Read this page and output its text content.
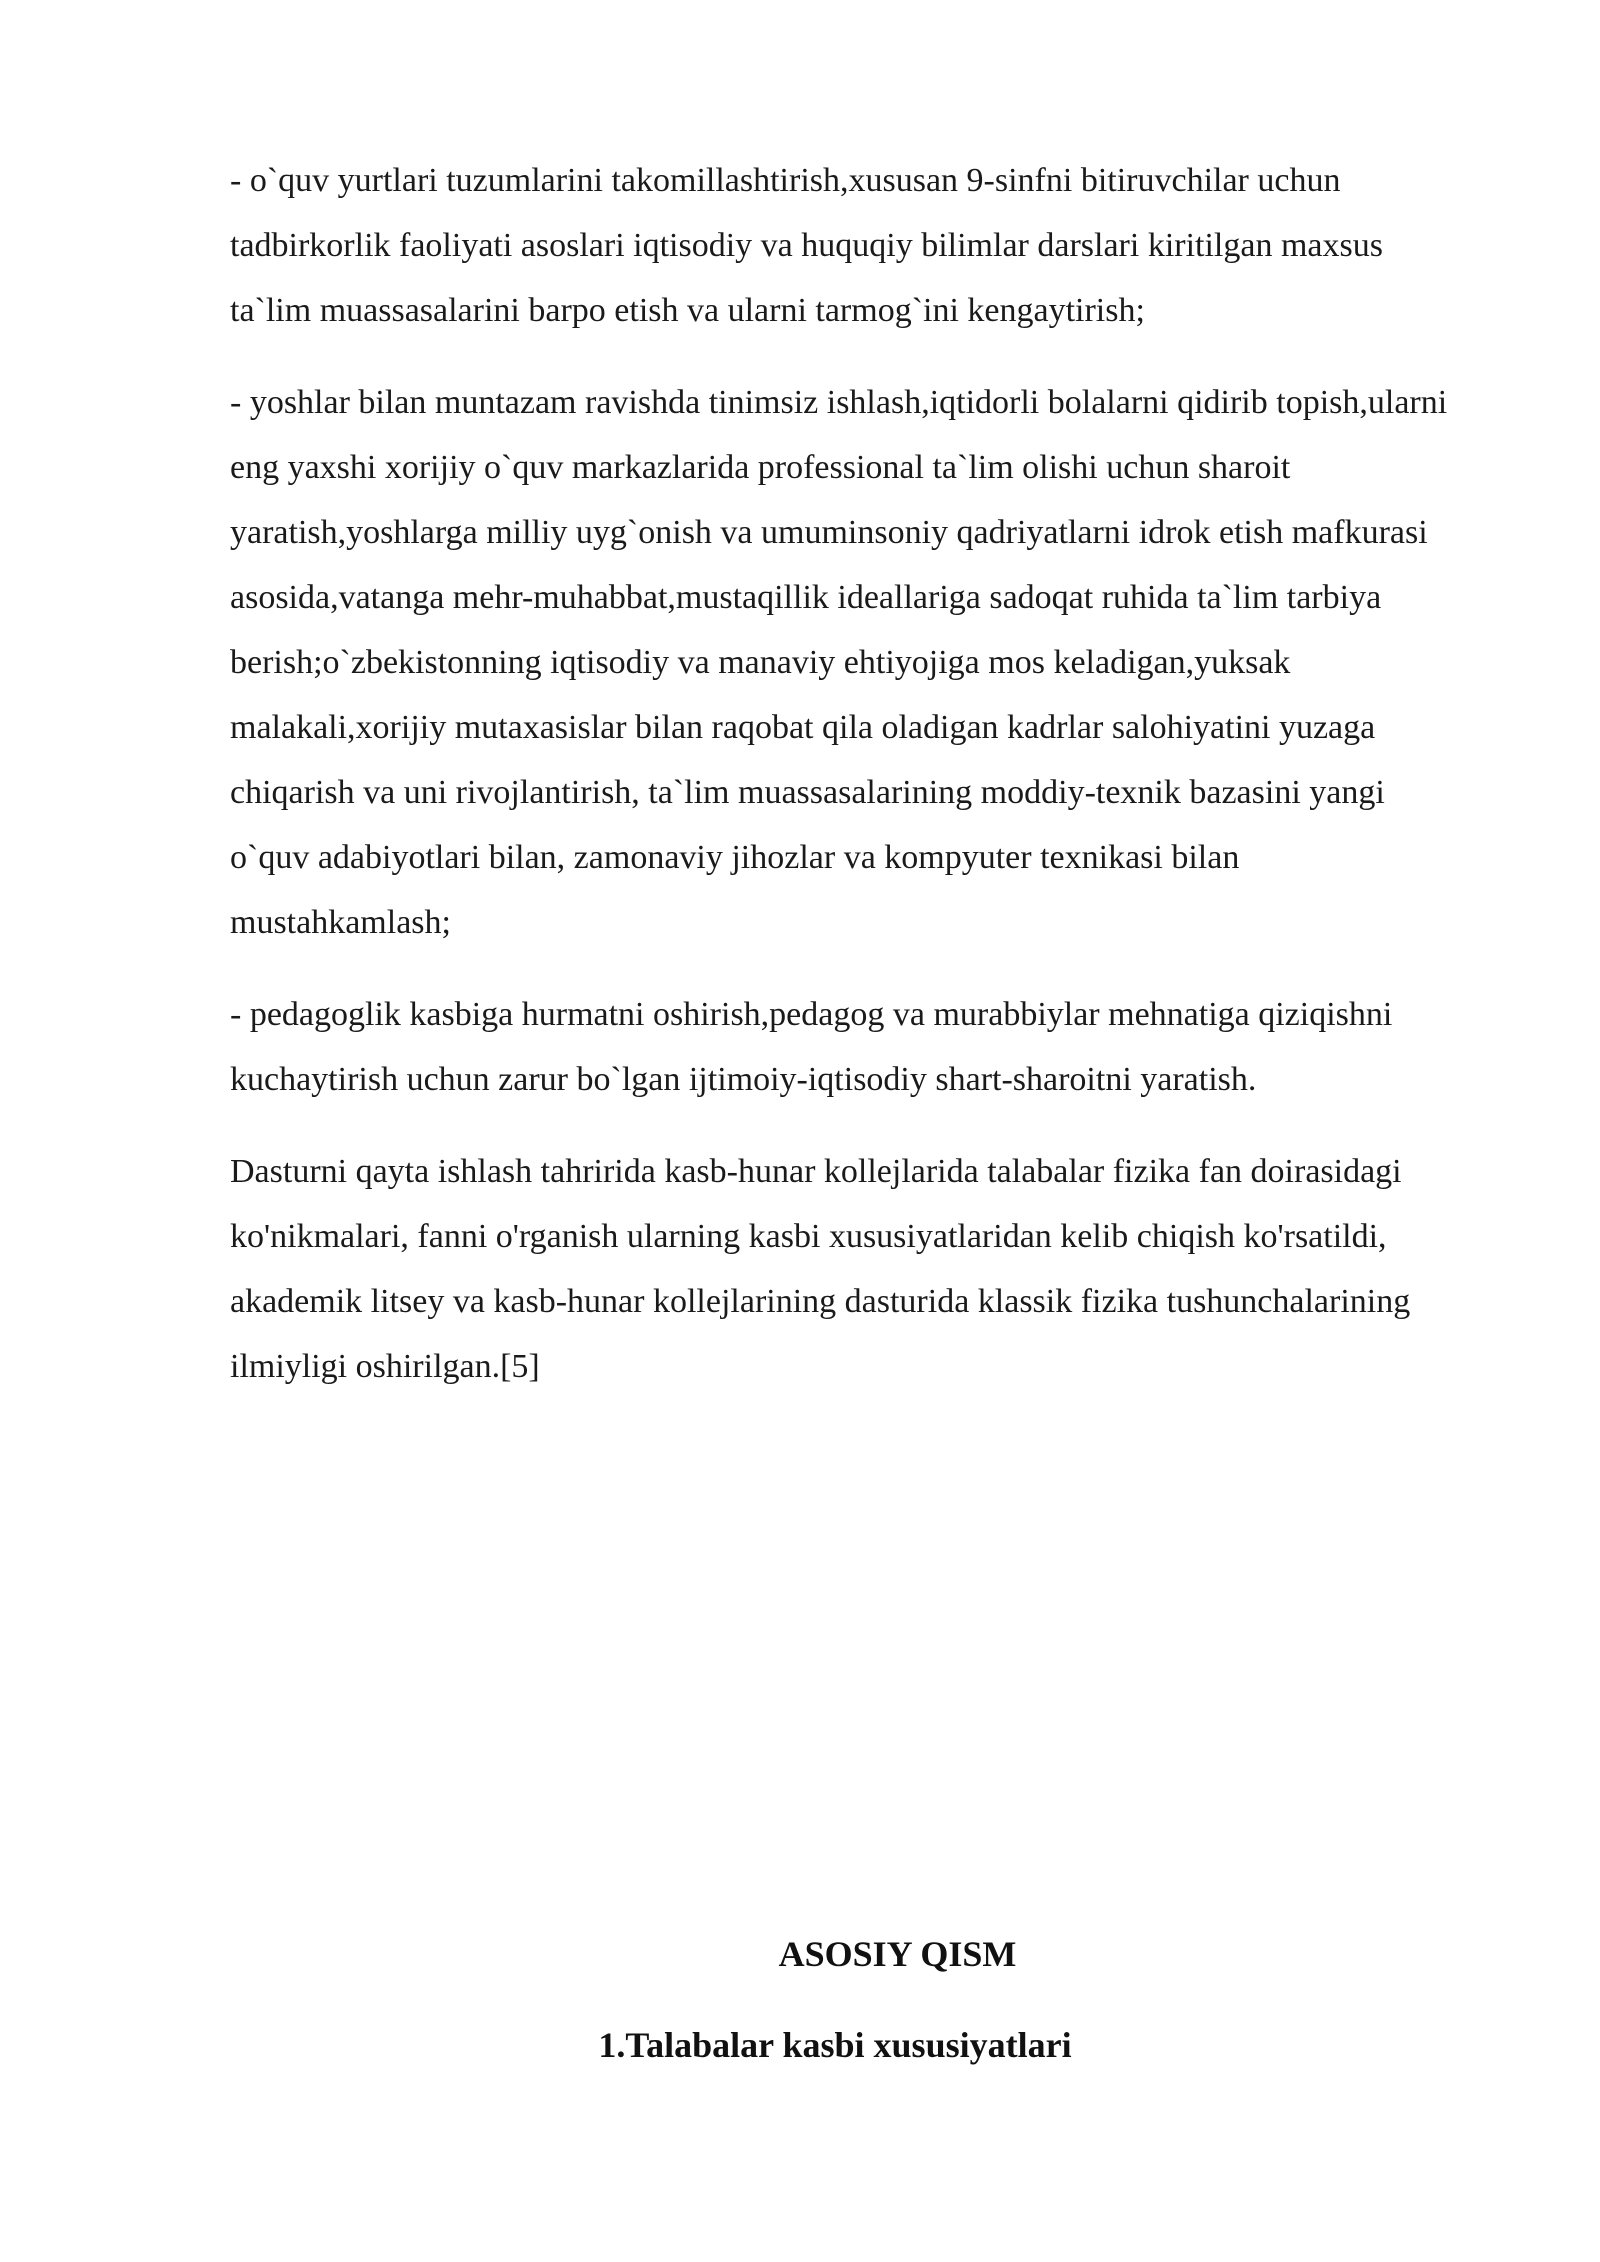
- o`quv yurtlari tuzumlarini takomillashtirish,xususan 9-sinfni bitiruvchilar uchun tadbirkorlik faoliyati asoslari iqtisodiy va huquqiy bilimlar darslari kiritilgan maxsus ta`lim muassasalarini barpo etish va ularni tarmog`ini kengaytirish;

- yoshlar bilan muntazam ravishda tinimsiz ishlash,iqtidorli bolalarni qidirib topish,ularni eng yaxshi xorijiy o`quv markazlarida professional ta`lim olishi uchun sharoit yaratish,yoshlarga milliy uyg`onish va umuminsoniy qadriyatlarni idrok etish mafkurasi asosida,vatanga mehr-muhabbat,mustaqillik ideallariga sadoqat ruhida ta`lim tarbiya berish;o`zbekistonning iqtisodiy va manaviy ehtiyojiga mos keladigan,yuksak malakali,xorijiy mutaxasislar bilan raqobat qila oladigan kadrlar salohiyatini yuzaga chiqarish va uni rivojlantirish, ta`lim muassasalarining moddiy-texnik bazasini yangi o`quv adabiyotlari bilan, zamonaviy jihozlar va kompyuter texnikasi bilan mustahkamlash;

- pedagoglik kasbiga hurmatni oshirish,pedagog va murabbiylar mehnatiga qiziqishni kuchaytirish uchun zarur bo`lgan ijtimoiy-iqtisodiy shart-sharoitni yaratish.

Dasturni qayta ishlash tahririda kasb-hunar kollejlarida talabalar fizika fan doirasidagi ko'nikmalari, fanni o'rganish ularning kasbi xususiyatlaridan kelib chiqish ko'rsatildi, akademik litsey va kasb-hunar kollejlarining dasturida klassik fizika tushunchalarining ilmiyligi oshirilgan.[5]

ASOSIY QISM
1.Talabalar kasbi xususiyatlari
